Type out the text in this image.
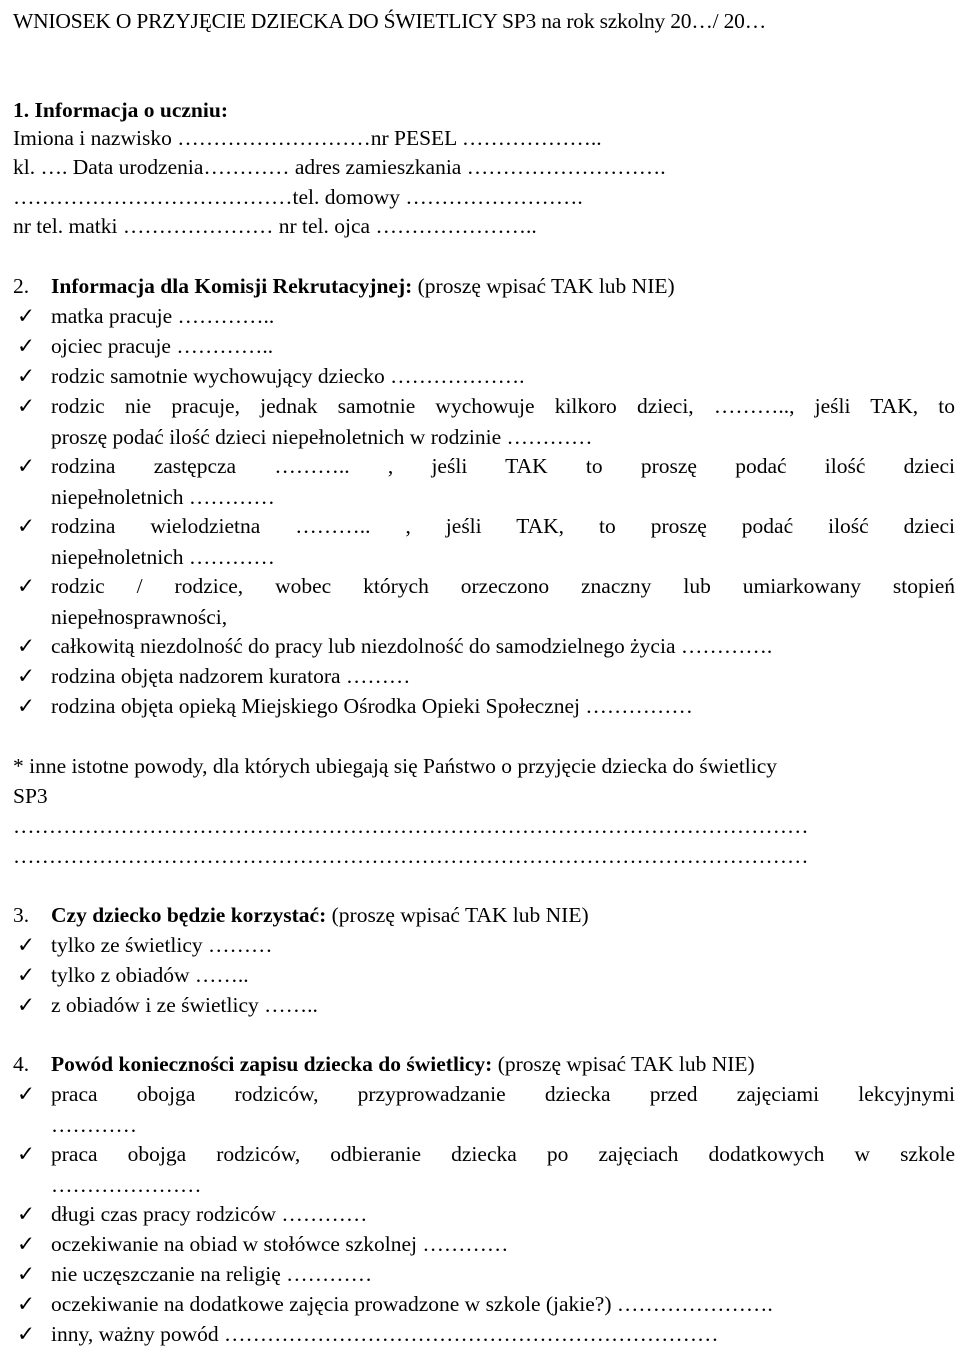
WNIOSEK O PRZYJĘCIE DZIECKA DO ŚWIETLICY SP3 na rok szkolny 20…/ 20…
1. Informacja o uczniu:
Imiona i nazwisko ………………………nr PESEL ………………..
kl. …. Data urodzenia………… adres zamieszkania ……………………….
…………………………………tel. domowy …………………….
nr tel. matki ………………… nr tel. ojca …………………..
2. Informacja dla Komisji Rekrutacyjnej: (proszę wpisać TAK lub NIE)
✓ matka pracuje …………..
✓ ojciec pracuje …………..
✓ rodzic samotnie wychowujący dziecko ……………….
✓ rodzic nie pracuje, jednak samotnie wychowuje kilkoro dzieci, ……….., jeśli TAK, to
proszę podać ilość dzieci niepełnoletnich w rodzinie …………
✓ rodzina zastępcza ……….. , jeśli TAK to proszę podać ilość dzieci
niepełnoletnich …………
✓ rodzina wielodzietna ……….. , jeśli TAK, to proszę podać ilość dzieci
niepełnoletnich …………
✓ rodzic / rodzice, wobec których orzeczono znaczny lub umiarkowany stopień
niepełnosprawności,
✓ całkowitą niezdolność do pracy lub niezdolność do samodzielnego życia ………….
✓ rodzina objęta nadzorem kuratora ………
✓ rodzina objęta opieką Miejskiego Ośrodka Opieki Społecznej ……………
* inne istotne powody, dla których ubiegają się Państwo o przyjęcie dziecka do świetlicy
SP3
…………………………………………………………………………………………………
…………………………………………………………………………………………………
3. Czy dziecko będzie korzystać: (proszę wpisać TAK lub NIE)
✓ tylko ze świetlicy ………
✓ tylko z obiadów ……..
✓ z obiadów i ze świetlicy ……..
4. Powód konieczności zapisu dziecka do świetlicy: (proszę wpisać TAK lub NIE)
✓ praca obojga rodziców, przyprowadzanie dziecka przed zajęciami lekcyjnymi
…………
✓ praca obojga rodziców, odbieranie dziecka po zajęciach dodatkowych w szkole
…………………
✓ długi czas pracy rodziców …………
✓ oczekiwanie na obiad w stołówce szkolnej …………
✓ nie uczęszczanie na religię …………
✓ oczekiwanie na dodatkowe zajęcia prowadzone w szkole (jakie?) ………………….
✓ inny, ważny powód ……………………………………………………………
